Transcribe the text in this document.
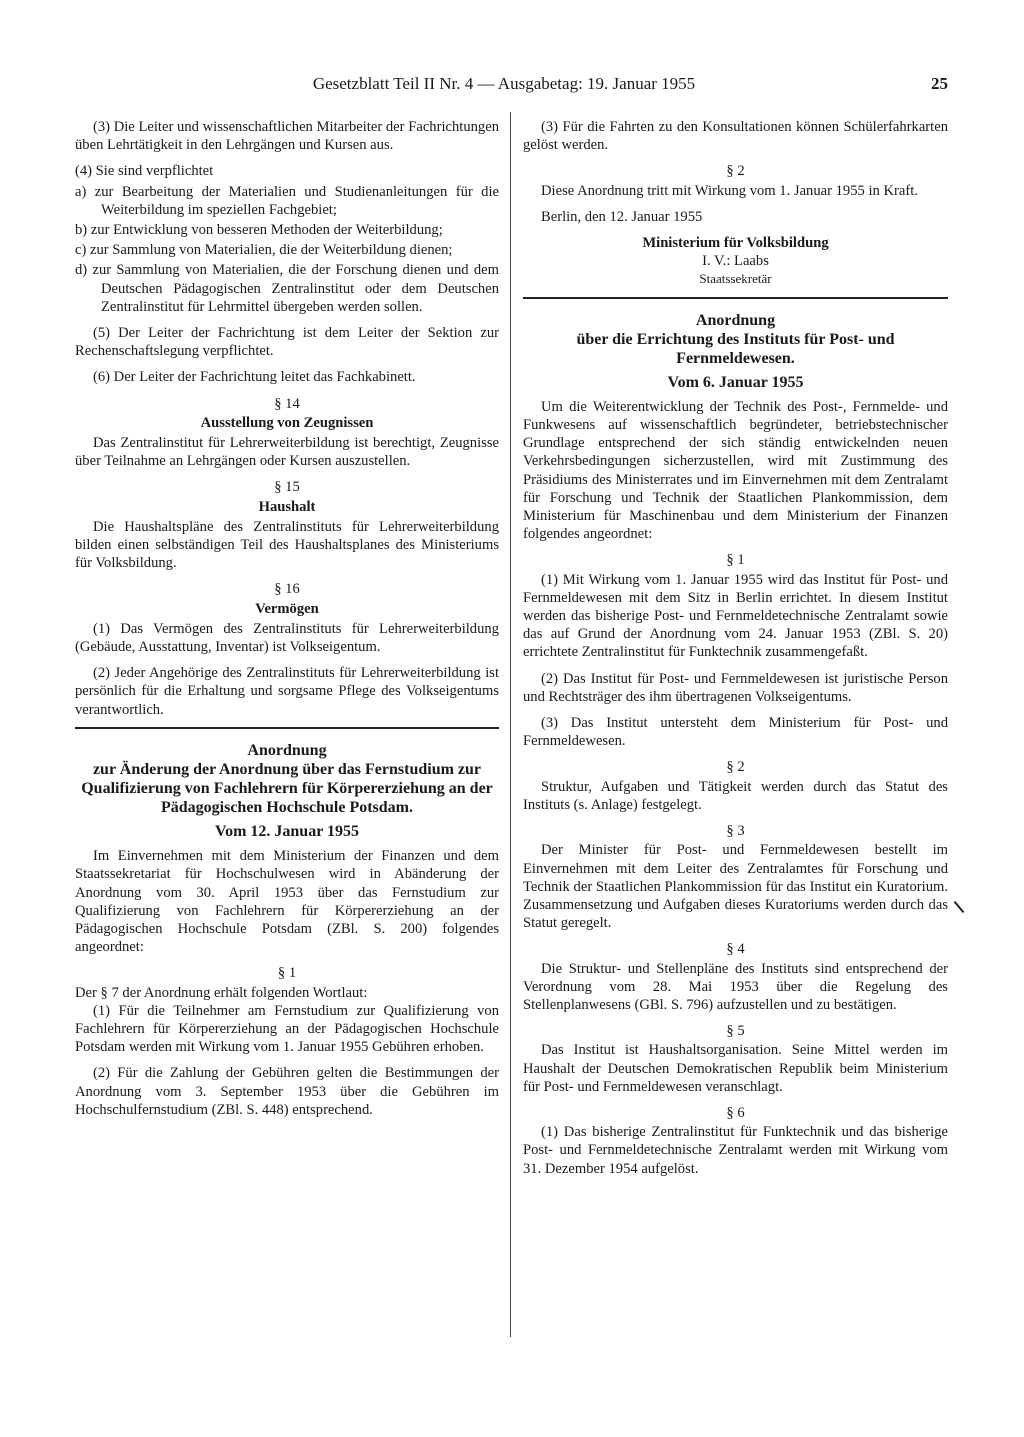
Gesetzblatt Teil II Nr. 4 — Ausgabetag: 19. Januar 1955	25

(3) Die Leiter und wissenschaftlichen Mitarbeiter der Fachrichtungen üben Lehrtätigkeit in den Lehrgängen und Kursen aus.

(4) Sie sind verpflichtet

a) zur Bearbeitung der Materialien und Studienanleitungen für die Weiterbildung im speziellen Fachgebiet;
b) zur Entwicklung von besseren Methoden der Weiterbildung;
c) zur Sammlung von Materialien, die der Weiterbildung dienen;
d) zur Sammlung von Materialien, die der Forschung dienen und dem Deutschen Pädagogischen Zentralinstitut oder dem Deutschen Zentralinstitut für Lehrmittel übergeben werden sollen.

(5) Der Leiter der Fachrichtung ist dem Leiter der Sektion zur Rechenschaftslegung verpflichtet.

(6) Der Leiter der Fachrichtung leitet das Fachkabinett.

§ 14
Ausstellung von Zeugnissen

Das Zentralinstitut für Lehrerweiterbildung ist berechtigt, Zeugnisse über Teilnahme an Lehrgängen oder Kursen auszustellen.

§ 15
Haushalt

Die Haushaltspläne des Zentralinstituts für Lehrerweiterbildung bilden einen selbständigen Teil des Haushaltsplanes des Ministeriums für Volksbildung.

§ 16
Vermögen

(1) Das Vermögen des Zentralinstituts für Lehrerweiterbildung (Gebäude, Ausstattung, Inventar) ist Volkseigentum.

(2) Jeder Angehörige des Zentralinstituts für Lehrerweiterbildung ist persönlich für die Erhaltung und sorgsame Pflege des Volkseigentums verantwortlich.

Anordnung
zur Änderung der Anordnung über das Fernstudium zur Qualifizierung von Fachlehrern für Körpererziehung an der Pädagogischen Hochschule Potsdam.
Vom 12. Januar 1955

Im Einvernehmen mit dem Ministerium der Finanzen und dem Staatssekretariat für Hochschulwesen wird in Abänderung der Anordnung vom 30. April 1953 über das Fernstudium zur Qualifizierung von Fachlehrern für Körpererziehung an der Pädagogischen Hochschule Potsdam (ZBl. S. 200) folgendes angeordnet:

§ 1

Der § 7 der Anordnung erhält folgenden Wortlaut:

(1) Für die Teilnehmer am Fernstudium zur Qualifizierung von Fachlehrern für Körpererziehung an der Pädagogischen Hochschule Potsdam werden mit Wirkung vom 1. Januar 1955 Gebühren erhoben.

(2) Für die Zahlung der Gebühren gelten die Bestimmungen der Anordnung vom 3. September 1953 über die Gebühren im Hochschulfernstudium (ZBl. S. 448) entsprechend.

(3) Für die Fahrten zu den Konsultationen können Schülerfahrkarten gelöst werden.

§ 2

Diese Anordnung tritt mit Wirkung vom 1. Januar 1955 in Kraft.

Berlin, den 12. Januar 1955

Ministerium für Volksbildung
I. V.: Laabs
Staatssekretär
Anordnung
über die Errichtung des Instituts für Post- und Fernmeldewesen.
Vom 6. Januar 1955

Um die Weiterentwicklung der Technik des Post-, Fernmelde- und Funkwesens auf wissenschaftlich begründeter, betriebstechnischer Grundlage entsprechend der sich ständig entwickelnden neuen Verkehrsbedingungen sicherzustellen, wird mit Zustimmung des Präsidiums des Ministerrates und im Einvernehmen mit dem Zentralamt für Forschung und Technik der Staatlichen Plankommission, dem Ministerium für Maschinenbau und dem Ministerium der Finanzen folgendes angeordnet:

§ 1

(1) Mit Wirkung vom 1. Januar 1955 wird das Institut für Post- und Fernmeldewesen mit dem Sitz in Berlin errichtet. In diesem Institut werden das bisherige Post- und Fernmeldetechnische Zentralamt sowie das auf Grund der Anordnung vom 24. Januar 1953 (ZBl. S. 20) errichtete Zentralinstitut für Funktechnik zusammengefaßt.

(2) Das Institut für Post- und Fernmeldewesen ist juristische Person und Rechtsträger des ihm übertragenen Volkseigentums.

(3) Das Institut untersteht dem Ministerium für Post- und Fernmeldewesen.

§ 2

Struktur, Aufgaben und Tätigkeit werden durch das Statut des Instituts (s. Anlage) festgelegt.

§ 3

Der Minister für Post- und Fernmeldewesen bestellt im Einvernehmen mit dem Leiter des Zentralamtes für Forschung und Technik der Staatlichen Plankommission für das Institut ein Kuratorium. Zusammensetzung und Aufgaben dieses Kuratoriums werden durch das Statut geregelt.

§ 4

Die Struktur- und Stellenpläne des Instituts sind entsprechend der Verordnung vom 28. Mai 1953 über die Regelung des Stellenplanwesens (GBl. S. 796) aufzustellen und zu bestätigen.

§ 5

Das Institut ist Haushaltsorganisation. Seine Mittel werden im Haushalt der Deutschen Demokratischen Republik beim Ministerium für Post- und Fernmeldewesen veranschlagt.

§ 6

(1) Das bisherige Zentralinstitut für Funktechnik und das bisherige Post- und Fernmeldetechnische Zentralamt werden mit Wirkung vom 31. Dezember 1954 aufgelöst.
